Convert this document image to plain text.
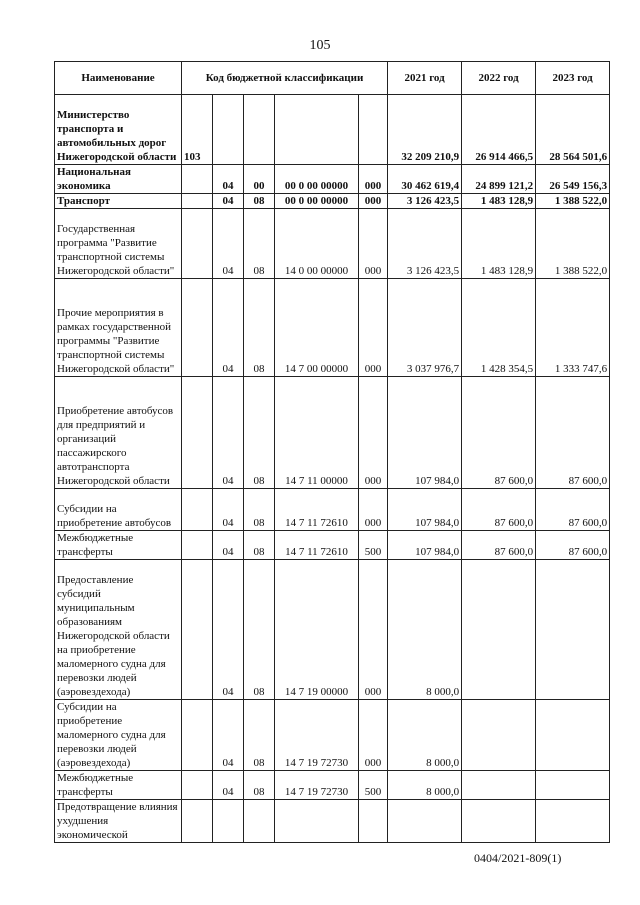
105
Наименование	Код бюджетной классификации					2021 год	2022 год	2023 год
Министерство транспорта и автомобильных дорог Нижегородской области	103					32 209 210,9	26 914 466,5	28 564 501,6
Национальная экономика		04	00	00 0 00 00000	000	30 462 619,4	24 899 121,2	26 549 156,3
Транспорт		04	08	00 0 00 00000	000	3 126 423,5	1 483 128,9	1 388 522,0
Государственная программа "Развитие транспортной системы Нижегородской области"		04	08	14 0 00 00000	000	3 126 423,5	1 483 128,9	1 388 522,0
Прочие мероприятия в рамках государственной программы "Развитие транспортной системы Нижегородской области"		04	08	14 7 00 00000	000	3 037 976,7	1 428 354,5	1 333 747,6
Приобретение автобусов для предприятий и организаций пассажирского автотранспорта Нижегородской области		04	08	14 7 11 00000	000	107 984,0	87 600,0	87 600,0
Субсидии на приобретение автобусов		04	08	14 7 11 72610	000	107 984,0	87 600,0	87 600,0
Межбюджетные трансферты		04	08	14 7 11 72610	500	107 984,0	87 600,0	87 600,0
Предоставление субсидий муниципальным образованиям Нижегородской области на приобретение маломерного судна для перевозки людей (аэровездехода)		04	08	14 7 19 00000	000	8 000,0		
Субсидии на приобретение маломерного судна для перевозки людей (аэровездехода)		04	08	14 7 19 72730	000	8 000,0		
Межбюджетные трансферты		04	08	14 7 19 72730	500	8 000,0		
Предотвращение влияния ухудшения экономической								
0404/2021-809(1)
